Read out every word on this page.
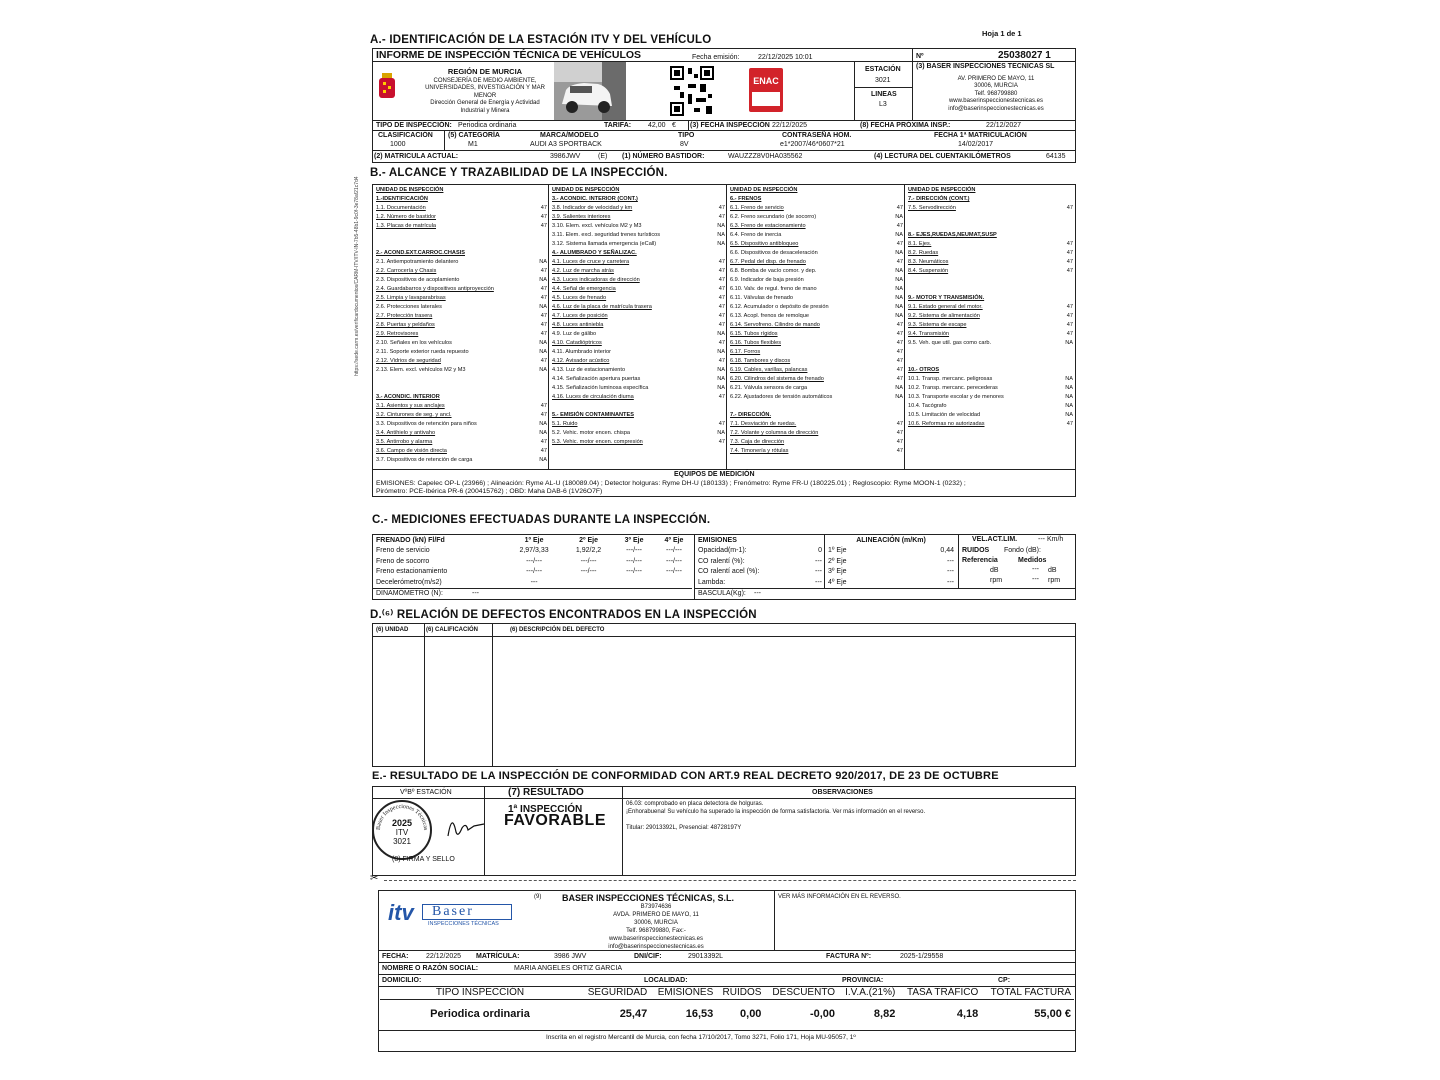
https://sede.carm.es/verificardocumentos/CARM-ITV/ITV-IN-7b5-48b1-9c0f-3e78af21c7d4
Hoja 1 de 1
A.- IDENTIFICACIÓN DE LA ESTACIÓN ITV Y DEL VEHÍCULO
INFORME DE INSPECCIÓN TÉCNICA DE VEHÍCULOS	Fecha emisión:	22/12/2025 10:01	Nº	25038027 1
REGIÓN DE MURCIA
CONSEJERÍA DE MEDIO AMBIENTE,
UNIVERSIDADES, INVESTIGACIÓN Y MAR
MENOR
Dirección General de Energía y Actividad
Industrial y Minera
ENAC
ESTACIÓN
3021
LINEAS
L3
(3) BASER INSPECCIONES TECNICAS SL
AV. PRIMERO DE MAYO, 11
30006, MURCIA
Telf. 968799880
www.baserinspeccionestecnicas.es
info@baserinspeccionestecnicas.es
TIPO DE INSPECCIÓN: Periodica ordinaria	TARIFA: 42,00 € (3) FECHA INSPECCIÓN 22/12/2025	(8) FECHA PRÓXIMA INSP.:	22/12/2027
CLASIFICACIÓN
1000
(5) CATEGORÍA
M1
MARCA/MODELO
AUDI A3 SPORTBACK
TIPO
8V
CONTRASEÑA HOM.
e1*2007/46*0607*21
FECHA 1ª MATRICULACIÓN
14/02/2017
(2) MATRICULA ACTUAL:	3986JWV	(E) (1) NÚMERO BASTIDOR:	WAUZZZ8V0HA035562	(4) LECTURA DEL CUENTAKILÓMETROS	64135
B.- ALCANCE Y TRAZABILIDAD DE LA INSPECCIÓN.
UNIDAD DE INSPECCIÓN	
1.-IDENTIFICACIÓN	
1.1. Documentación	47
1.2. Número de bastidor	47
1.3. Placas de matrícula	47

2.- ACOND.EXT.CARROC.CHASIS	
2.1. Antiempotramiento delantero	NA
2.2. Carrocería y Chasis	47
2.3. Dispositivos de acoplamiento	NA
2.4. Guardabarros y dispositivos antiproyección	47
2.5. Limpia y lavaparabrisas	47
2.6. Protecciones laterales	NA
2.7. Protección trasera	47
2.8. Puertas y peldaños	47
2.9. Retrovisores	47
2.10. Señales en los vehículos	NA
2.11. Soporte exterior rueda repuesto	NA
2.12. Vidrios de seguridad	47
2.13. Elem. excl. vehículos M2 y M3	NA

3.- ACONDIC. INTERIOR	
3.1. Asientos y sus anclajes	47
3.2. Cinturones de seg. y ancl.	47
3.3. Dispositivos de retención para niños	NA
3.4. Antihielo y antivaho	NA
3.5. Antirrobo y alarma	47
3.6. Campo de visión directa	47
3.7. Dispositivos de retención de carga	NA
UNIDAD DE INSPECCIÓN	
3.- ACONDIC. INTERIOR (CONT.)	
3.8. Indicador de velocidad y km	47
3.9. Salientes interiores	47
3.10. Elem. excl. vehículos M2 y M3	NA
3.11. Elem. excl. seguridad trenes turísticos	NA
3.12. Sistema llamada emergencia (eCall)	NA
4.- ALUMBRADO Y SEÑALIZAC.	
4.1. Luces de cruce y carretera	47
4.2. Luz de marcha atrás	47
4.3. Luces indicadoras de dirección	47
4.4. Señal de emergencia	47
4.5. Luces de frenado	47
4.6. Luz de la placa de matrícula trasera	47
4.7. Luces de posición	47
4.8. Luces antiniebla	47
4.9. Luz de gálibo	NA
4.10. Catadióptricos	47
4.11. Alumbrado interior	NA
4.12. Avisador acústico	47
4.13. Luz de estacionamiento	NA
4.14. Señalización apertura puertas	NA
4.15. Señalización luminosa específica	NA
4.16. Luces de circulación diurna	47

5.- EMISIÓN CONTAMINANTES	
5.1. Ruido	47
5.2. Vehic. motor encen. chispa	NA
5.3. Vehic. motor encen. compresión	47

UNIDAD DE INSPECCIÓN	
6.- FRENOS	
6.1. Freno de servicio	47
6.2. Freno secundario (de socorro)	NA
6.3. Freno de estacionamiento	47
6.4. Freno de inercia	NA
6.5. Dispositivo antibloqueo	47
6.6. Dispositivos de desaceleración	NA
6.7. Pedal del disp. de frenado	47
6.8. Bomba de vacío comor. y dep.	NA
6.9. Indicador de baja presión	NA
6.10. Valv. de regul. freno de mano	NA
6.11. Válvulas de frenado	NA
6.12. Acumulador o depósito de presión	NA
6.13. Acopl. frenos de remolque	NA
6.14. Servofreno. Cilindro de mando	47
6.15. Tubos rígidos	47
6.16. Tubos flexibles	47
6.17. Forros	47
6.18. Tambores y discos	47
6.19. Cables, varillas, palancas	47
6.20. Cilindros del sistema de frenado	47
6.21. Válvula sensora de carga	NA
6.22. Ajustadores de tensión automáticos	NA

7.- DIRECCIÓN.	
7.1. Desviación de ruedas.	47
7.2. Volante y columna de dirección	47
7.3. Caja de dirección	47
7.4. Timonería y rótulas	47

UNIDAD DE INSPECCIÓN	
7.- DIRECCIÓN (CONT.)	
7.5. Servodirección	47

8.- EJES,RUEDAS,NEUMAT,SUSP	
8.1. Ejes.	47
8.2. Ruedas	47
8.3. Neumáticos	47
8.4. Suspensión	47

9.- MOTOR Y TRANSMISIÓN.	
9.1. Estado general del motor.	47
9.2. Sistema de alimentación	47
9.3. Sistema de escape	47
9.4. Transmisión	47
9.5. Veh. que util. gas como carb.	NA

10.- OTROS	
10.1. Transp. mercanc. peligrosas	NA
10.2. Transp. mercanc. perecederas	NA
10.3. Transporte escolar y de menores	NA
10.4. Tacógrafo	NA
10.5. Limitación de velocidad	NA
10.6. Reformas no autorizadas	47

EQUIPOS DE MEDICIÓN
EMISIONES: Capelec OP-L (23966) ; Alineación: Ryme AL-U (180089.04) ; Detector holguras: Ryme DH-U (180133) ; Frenómetro: Ryme FR-U (180225.01) ; Regloscopio: Ryme MOON-1 (0232) ;
Pirómetro: PCE-Ibérica PR-6 (200415762) ; OBD: Maha DAB-6 (1V26O7F)
C.- MEDICIONES EFECTUADAS DURANTE LA INSPECCIÓN.
FRENADO (kN) Fl/Fd	1º Eje	2º Eje	3º Eje	4º Eje
Freno de servicio	2,97/3,33	1,92/2,2	---/---	---/---
Freno de socorro	---/---	---/---	---/---	---/---
Freno estacionamiento	---/---	---/---	---/---	---/---
Decelerómetro(m/s2)	---			
DINAMÓMETRO (N):	---
EMISIONES	
Opacidad(m-1):	0
CO ralentí (%):	---
CO ralentí acel (%):	---
Lambda:	---
BASCULA(Kg): ---
ALINEACIÓN (m/Km)	
1º Eje	0,44
2º Eje	---
3º Eje	---
4º Eje	---
VEL.ACT.LIM.	--- Km/h
RUIDOS Fondo (dB):
Referencia	Medidos
dB	--- dB
rpm	--- rpm
D.⁽⁶⁾ RELACIÓN DE DEFECTOS ENCONTRADOS EN LA INSPECCIÓN
(6) UNIDAD	(6) CALIFICACIÓN	(6) DESCRIPCIÓN DEL DEFECTO
E.- RESULTADO DE LA INSPECCIÓN DE CONFORMIDAD CON ART.9 REAL DECRETO 920/2017, DE 23 DE OCTUBRE
VºBº ESTACIÓN	(7) RESULTADO	OBSERVACIONES
Baser Inspecciones Técnicas
2025
ITV
3021
(8) FIRMA Y SELLO
1ª INSPECCIÓN
FAVORABLE
06.03: comprobado en placa detectora de holguras.
¡Enhorabuena! Su vehículo ha superado la inspección de forma satisfactoria. Ver más información en el reverso.
Titular: 29013392L, Presencial: 48728197Y
✂
itv Baser
INSPECCIONES TÉCNICAS
(9) BASER INSPECCIONES TÉCNICAS, S.L.
B73974636
AVDA. PRIMERO DE MAYO, 11
30006, MURCIA
Telf. 968799880, Fax:-
www.baserinspeccionestecnicas.es
info@baserinspeccionestecnicas.es
VER MÁS INFORMACIÓN EN EL REVERSO.
FECHA:	22/12/2025 MATRÍCULA:	3986 JWV	DNI/CIF:	29013392L	FACTURA Nº:	2025-1/29558
NOMBRE O RAZÓN SOCIAL:	MARIA ANGELES ORTIZ GARCIA
DOMICILIO:	LOCALIDAD:	PROVINCIA:	CP:
TIPO INSPECCIÓN	SEGURIDAD	EMISIONES	RUIDOS	DESCUENTO	I.V.A.(21%)	TASA TRÁFICO	TOTAL FACTURA
Periodica ordinaria	25,47	16,53	0,00	-0,00	8,82	4,18	55,00 €
Inscrita en el registro Mercantil de Murcia, con fecha 17/10/2017, Tomo 3271, Folio 171, Hoja MU-95057, 1º
